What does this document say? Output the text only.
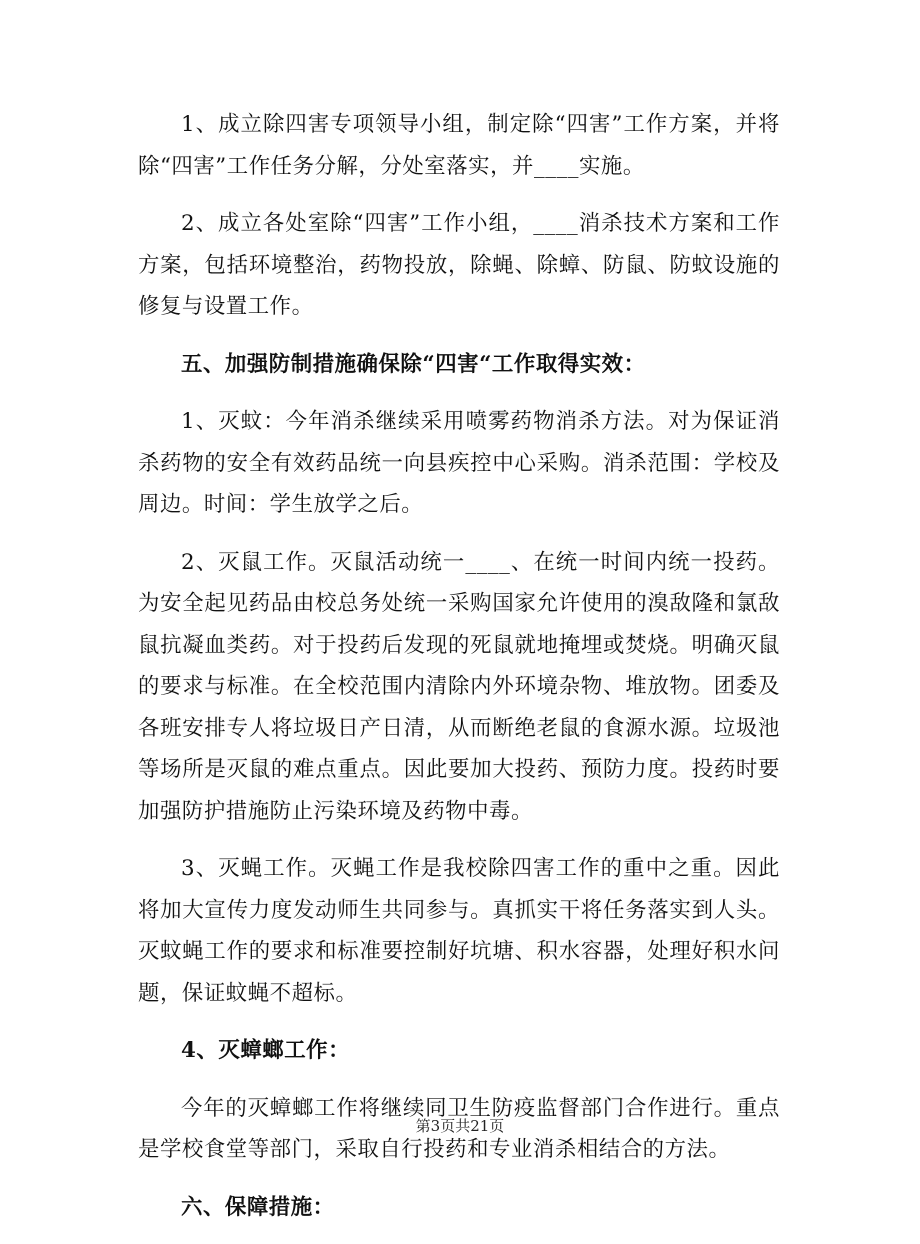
1、成立除四害专项领导小组，制定除“四害”工作方案，并将除“四害”工作任务分解，分处室落实，并____实施。

2、成立各处室除“四害”工作小组，____消杀技术方案和工作方案，包括环境整治，药物投放，除蝇、除蟑、防鼠、防蚊设施的修复与设置工作。

五、加强防制措施确保除“四害“工作取得实效：

1、灭蚊：今年消杀继续采用喷雾药物消杀方法。对为保证消杀药物的安全有效药品统一向县疾控中心采购。消杀范围：学校及周边。时间：学生放学之后。

2、灭鼠工作。灭鼠活动统一____、在统一时间内统一投药。为安全起见药品由校总务处统一采购国家允许使用的溴敌隆和氯敌鼠抗凝血类药。对于投药后发现的死鼠就地掩埋或焚烧。明确灭鼠的要求与标准。在全校范围内清除内外环境杂物、堆放物。团委及各班安排专人将垃圾日产日清，从而断绝老鼠的食源水源。垃圾池等场所是灭鼠的难点重点。因此要加大投药、预防力度。投药时要加强防护措施防止污染环境及药物中毒。

3、灭蝇工作。灭蝇工作是我校除四害工作的重中之重。因此将加大宣传力度发动师生共同参与。真抓实干将任务落实到人头。灭蚊蝇工作的要求和标准要控制好坑塘、积水容器，处理好积水问题，保证蚊蝇不超标。

4、灭蟑螂工作：

今年的灭蟑螂工作将继续同卫生防疫监督部门合作进行。重点是学校食堂等部门，采取自行投药和专业消杀相结合的方法。

六、保障措施：

第3页共21页
